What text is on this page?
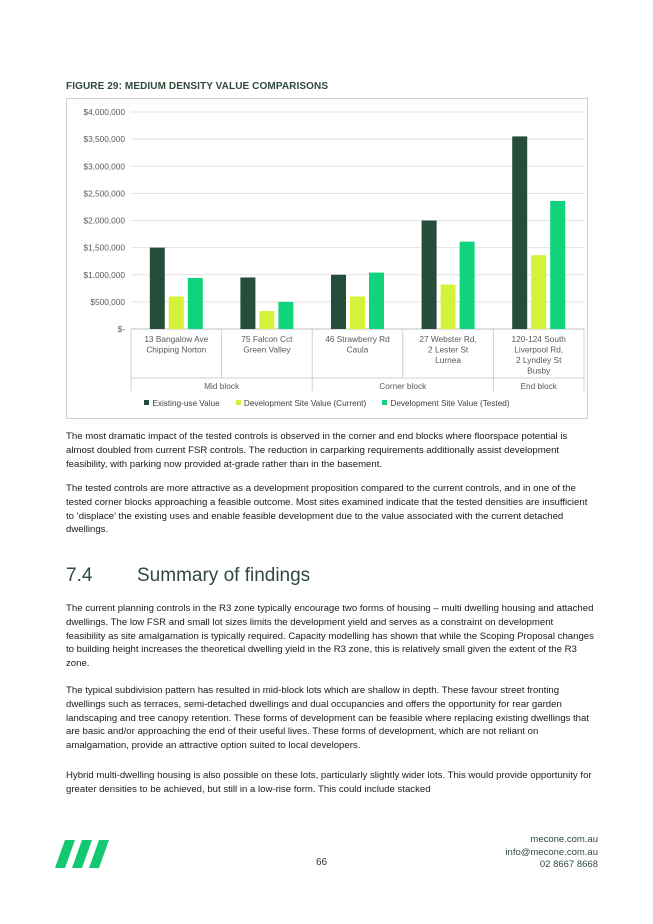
FIGURE 29: MEDIUM DENSITY VALUE COMPARISONS
$-
$500,000
$1,000,000
$1,500,000
$2,000,000
$2,500,000
$3,000,000
$3,500,000
$4,000,000
13 Bangalow Ave
Chipping Norton
75 Falcon Cct
Green Valley
46 Strawberry Rd
Caula
27 Webster Rd,
2 Lester St
Lurnea
120-124 South
Liverpool Rd,
2 Lyndley St
Busby
Mid block	Corner block	End block
Existing-use Value	Development Site Value (Current)	Development Site Value (Tested)

The most dramatic impact of the tested controls is observed in the corner and end blocks where floorspace potential is almost doubled from current FSR controls. The reduction in carparking requirements additionally assist development feasibility, with parking now provided at-grade rather than in the basement.

The tested controls are more attractive as a development proposition compared to the current controls, and in one of the tested corner blocks approaching a feasible outcome. Most sites examined indicate that the tested densities are insufficient to ‘displace’ the existing uses and enable feasible development due to the value associated with the current detached dwellings.

7.4 Summary of findings

The current planning controls in the R3 zone typically encourage two forms of housing – multi dwelling housing and attached dwellings. The low FSR and small lot sizes limits the development yield and serves as a constraint on development feasibility as site amalgamation is typically required. Capacity modelling has shown that while the Scoping Proposal changes to building height increases the theoretical dwelling yield in the R3 zone, this is relatively small given the extent of the R3 zone.

The typical subdivision pattern has resulted in mid-block lots which are shallow in depth. These favour street fronting dwellings such as terraces, semi-detached dwellings and dual occupancies and offers the opportunity for rear garden landscaping and tree canopy retention. These forms of development can be feasible where replacing existing dwellings that are basic and/or approaching the end of their useful lives. These forms of development, which are not reliant on amalgamation, provide an attractive option suited to local developers.

Hybrid multi-dwelling housing is also possible on these lots, particularly slightly wider lots. This would provide opportunity for greater densities to be achieved, but still in a low-rise form. This could include stacked

66
mecone.com.au
info@mecone.com.au
02 8667 8668
